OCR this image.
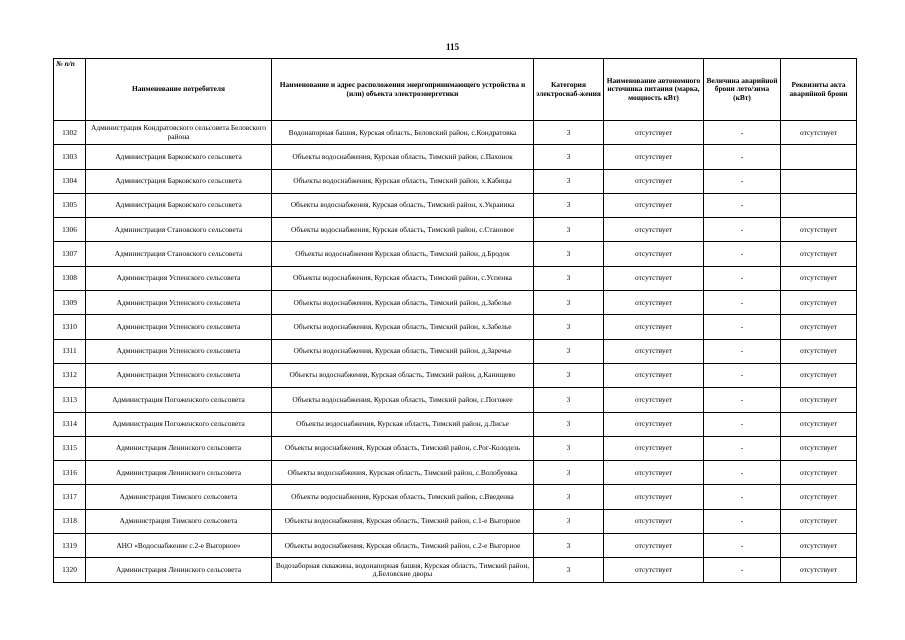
115
№ п/п	Наименование потребителя	Наименование и адрес расположения энергопринимающего устройства и (или) объекта электроэнергетики	Категория электроснаб-жения	Наименование автономного источника питания (марка, мощность кВт)	Величина аварийной брони лето/зима (кВт)	Реквизиты акта аварийной брони
1302	Администрация Кондратовского сельсовета Беловского района	Водонапорная башня, Курская область, Беловский район, с.Кондратовка	3	отсутствует	-	отсутствует
1303	Администрация Барковского сельсовета	Объекты водоснабжения, Курская область, Тимский район, с.Пахонок	3	отсутствует	-	
1304	Администрация Барковского сельсовета	Объекты водоснабжения, Курская область, Тимский район, х.Кабицы	3	отсутствует	-	
1305	Администрация Барковского сельсовета	Объекты водоснабжения, Курская область, Тимский район, х.Украинка	3	отсутствует	-	
1306	Администрация Становского сельсовета	Объекты водоснабжения, Курская область, Тимский район, с.Становое	3	отсутствует	-	отсутствует
1307	Администрация Становского сельсовета	Объекты водоснабжения Курская область, Тимский район, д.Бродок	3	отсутствует	-	отсутствует
1308	Администрация Успенского сельсовета	Объекты водоснабжения, Курская область, Тимский район, с.Успенка	3	отсутствует	-	отсутствует
1309	Администрация Успенского сельсовета	Объекты водоснабжения, Курская область, Тимский район, д.Забелье	3	отсутствует	-	отсутствует
1310	Администрация Успенского сельсовета	Объекты водоснабжения, Курская область, Тимский район, х.Забелье	3	отсутствует	-	отсутствует
1311	Администрация Успенского сельсовета	Объекты водоснабжения, Курская область, Тимский район, д.Заречье	3	отсутствует	-	отсутствует
1312	Администрация Успенского сельсовета	Объекты водоснабжения, Курская область, Тимский район, д.Канищево	3	отсутствует	-	отсутствует
1313	Администрация Погоженского сельсовета	Объекты водоснабжения, Курская область, Тимский район, с.Погожее	3	отсутствует	-	отсутствует
1314	Администрация Погоженского сельсовета	Объекты водоснабжения, Курская область, Тимский район, д.Лисье	3	отсутствует	-	отсутствует
1315	Администрация Ленинского сельсовета	Объекты водоснабжения, Курская область, Тимский район, с.Рог-Колодезь	3	отсутствует	-	отсутствует
1316	Администрация Ленинского сельсовета	Объекты водоснабжения, Курская область, Тимский район, с.Волобуевка	3	отсутствует	-	отсутствует
1317	Администрация Тимского сельсовета	Объекты водоснабжения, Курская область, Тимский район, с.Введенка	3	отсутствует	-	отсутствует
1318	Администрация Тимского сельсовета	Объекты водоснабжения, Курская область, Тимский район, с.1-е Выгорное	3	отсутствует	-	отсутствует
1319	АНО «Водоснабжение с.2-е Выгорное»	Объекты водоснабжения, Курская область, Тимский район, с.2-е Выгорное	3	отсутствует	-	отсутствует
1320	Администрация Ленинского сельсовета	Водозаборная скважина, водонапорная башня, Курская область, Тимский район, д.Беловские дворы	3	отсутствует	-	отсутствует
